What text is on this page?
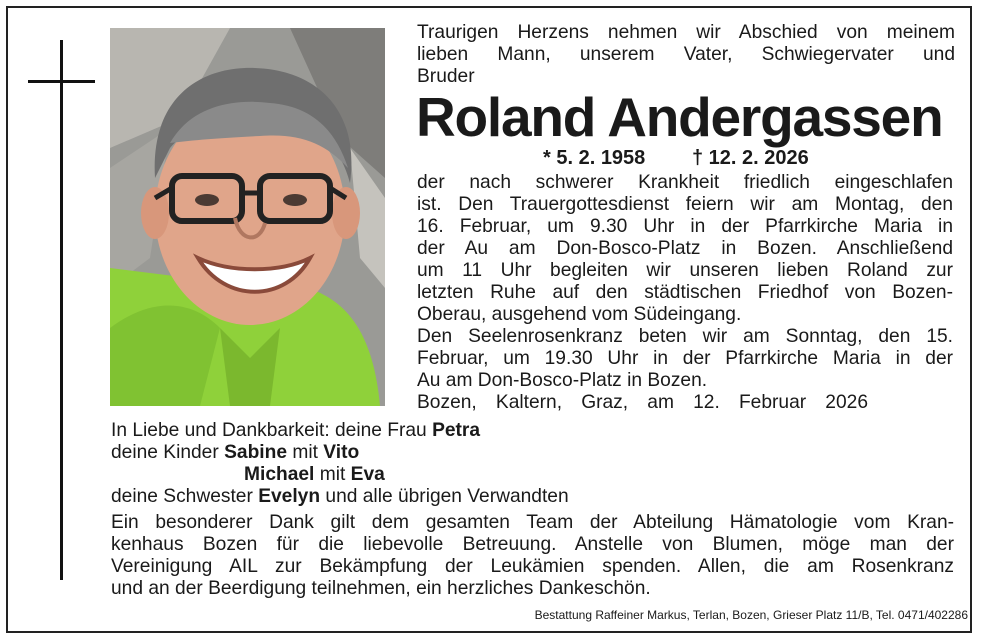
Traurigen Herzens nehmen wir Abschied von meinem
lieben Mann, unserem Vater, Schwiegervater und
Bruder
Roland Andergassen
* 5. 2. 1958 † 12. 2. 2026
der nach schwerer Krankheit friedlich eingeschlafen
ist. Den Trauergottesdienst feiern wir am Montag, den
16. Februar, um 9.30 Uhr in der Pfarrkirche Maria in
der Au am Don-Bosco-Platz in Bozen. Anschließend
um 11 Uhr begleiten wir unseren lieben Roland zur
letzten Ruhe auf den städtischen Friedhof von Bozen-
Oberau, ausgehend vom Südeingang.
Den Seelenrosenkranz beten wir am Sonntag, den 15.
Februar, um 19.30 Uhr in der Pfarrkirche Maria in der
Au am Don-Bosco-Platz in Bozen.
Bozen, Kaltern, Graz, am 12. Februar 2026
In Liebe und Dankbarkeit: deine Frau Petra
deine Kinder Sabine mit Vito
Michael mit Eva
deine Schwester Evelyn und alle übrigen Verwandten
Ein besonderer Dank gilt dem gesamten Team der Abteilung Hämatologie vom Kran-
kenhaus Bozen für die liebevolle Betreuung. Anstelle von Blumen, möge man der
Vereinigung AIL zur Bekämpfung der Leukämien spenden. Allen, die am Rosenkranz
und an der Beerdigung teilnehmen, ein herzliches Dankeschön.
Bestattung Raffeiner Markus, Terlan, Bozen, Grieser Platz 11/B, Tel. 0471/402286
